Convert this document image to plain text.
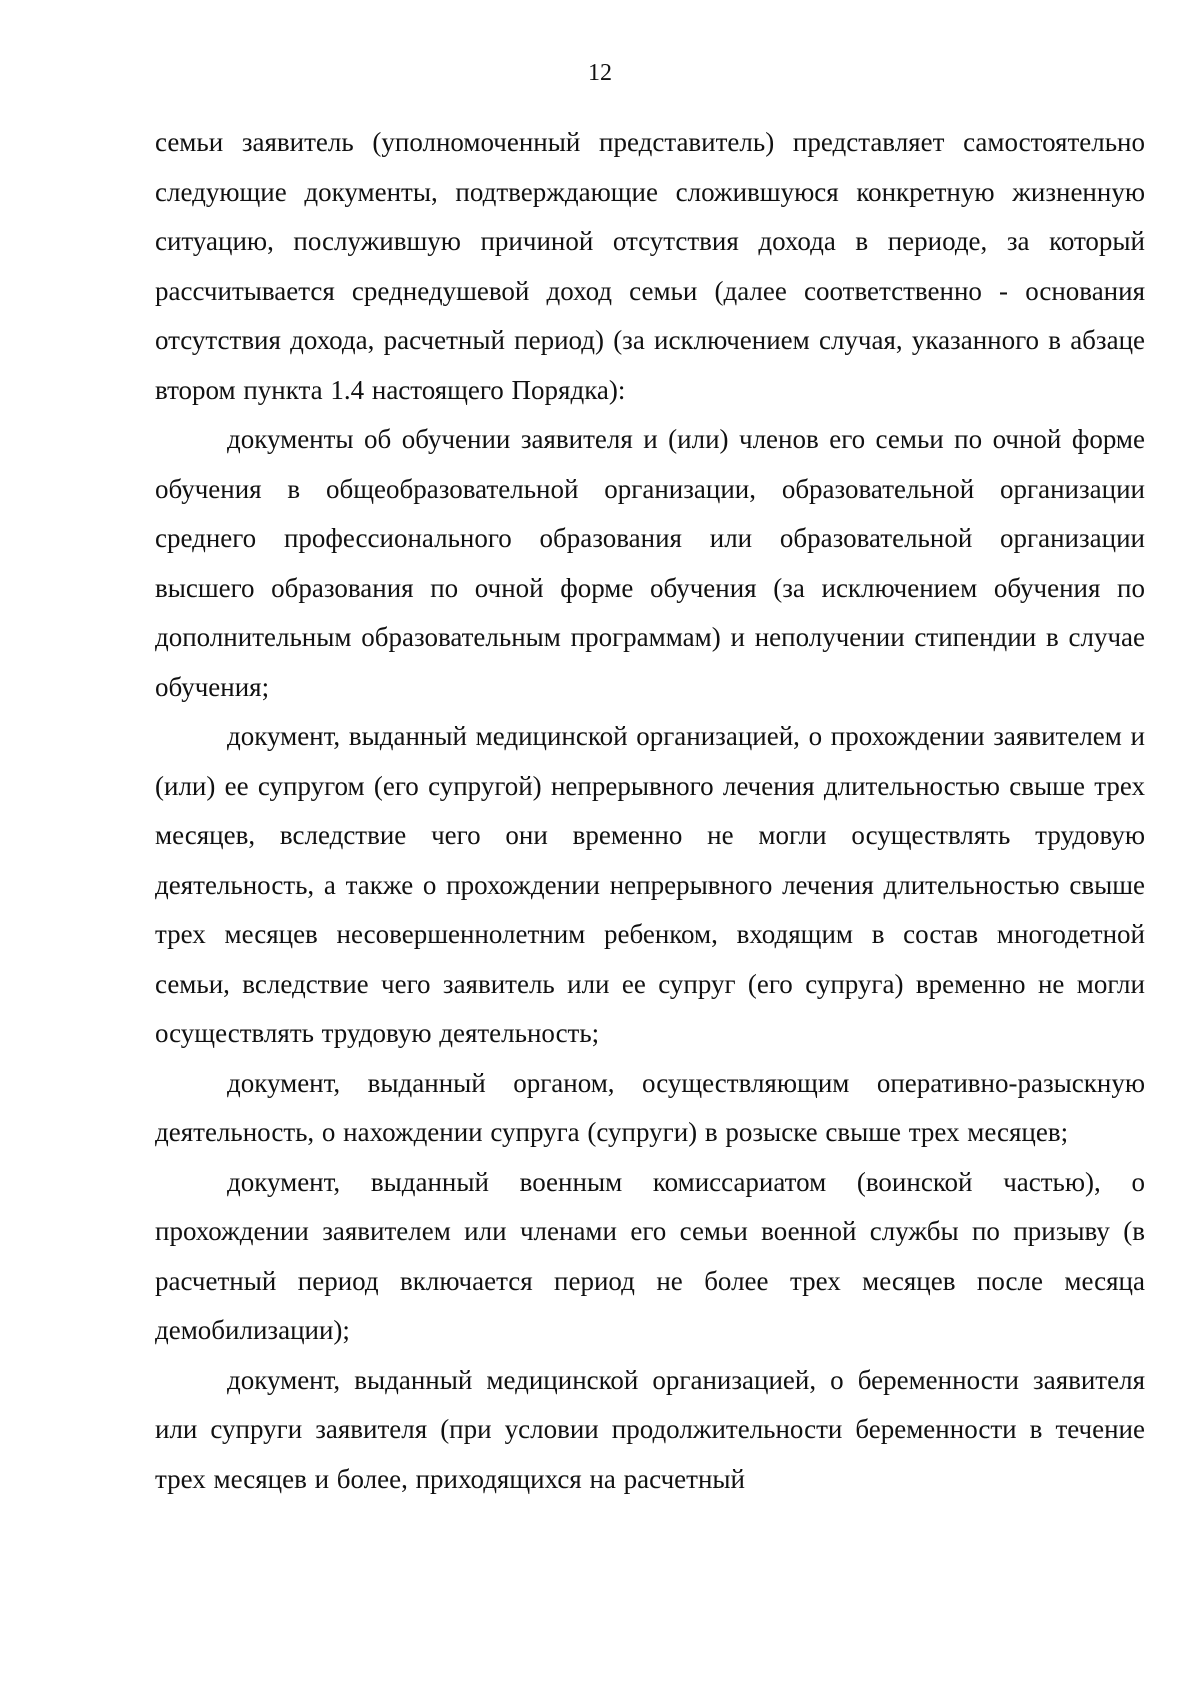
12

семьи заявитель (уполномоченный представитель) представляет самостоятельно следующие документы, подтверждающие сложившуюся конкретную жизненную ситуацию, послужившую причиной отсутствия дохода в периоде, за который рассчитывается среднедушевой доход семьи (далее соответственно - основания отсутствия дохода, расчетный период) (за исключением случая, указанного в абзаце втором пункта 1.4 настоящего Порядка):

документы об обучении заявителя и (или) членов его семьи по очной форме обучения в общеобразовательной организации, образовательной организации среднего профессионального образования или образовательной организации высшего образования по очной форме обучения (за исключением обучения по дополнительным образовательным программам) и неполучении стипендии в случае обучения;

документ, выданный медицинской организацией, о прохождении заявителем и (или) ее супругом (его супругой) непрерывного лечения длительностью свыше трех месяцев, вследствие чего они временно не могли осуществлять трудовую деятельность, а также о прохождении непрерывного лечения длительностью свыше трех месяцев несовершеннолетним ребенком, входящим в состав многодетной семьи, вследствие чего заявитель или ее супруг (его супруга) временно не могли осуществлять трудовую деятельность;

документ, выданный органом, осуществляющим оперативно-разыскную деятельность, о нахождении супруга (супруги) в розыске свыше трех месяцев;

документ, выданный военным комиссариатом (воинской частью), о прохождении заявителем или членами его семьи военной службы по призыву (в расчетный период включается период не более трех месяцев после месяца демобилизации);

документ, выданный медицинской организацией, о беременности заявителя или супруги заявителя (при условии продолжительности беременности в течение трех месяцев и более, приходящихся на расчетный
